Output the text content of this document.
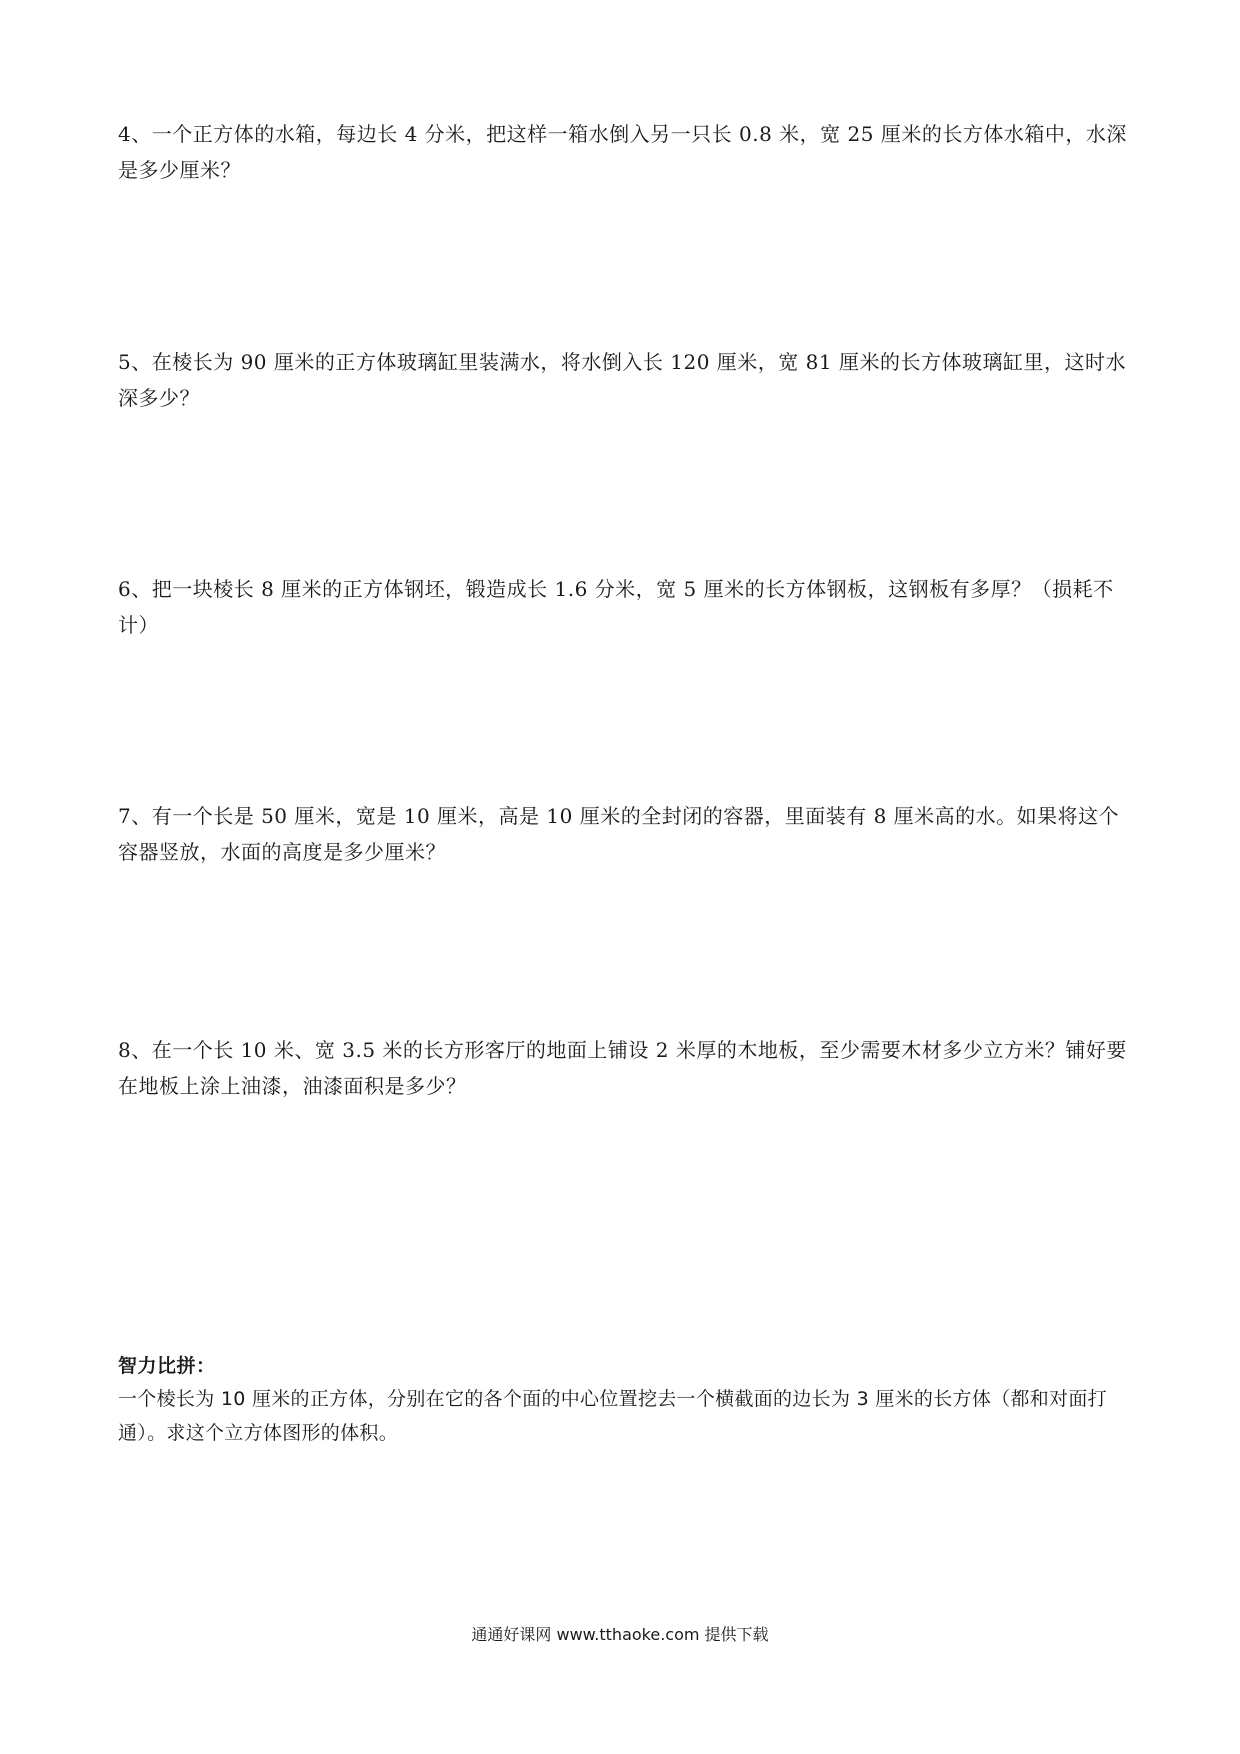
4、一个正方体的水箱，每边长 4 分米，把这样一箱水倒入另一只长 0.8 米，宽 25 厘米的长方体水箱中，水深是多少厘米？

5、在棱长为 90 厘米的正方体玻璃缸里装满水，将水倒入长 120 厘米，宽 81 厘米的长方体玻璃缸里，这时水深多少？

6、把一块棱长 8 厘米的正方体钢坯，锻造成长 1.6 分米，宽 5 厘米的长方体钢板，这钢板有多厚？（损耗不计）

7、有一个长是 50 厘米，宽是 10 厘米，高是 10 厘米的全封闭的容器，里面装有 8 厘米高的水。如果将这个容器竖放，水面的高度是多少厘米？

8、在一个长 10 米、宽 3.5 米的长方形客厅的地面上铺设 2 米厚的木地板，至少需要木材多少立方米？铺好要在地板上涂上油漆，油漆面积是多少？

智力比拼：

一个棱长为 10 厘米的正方体，分别在它的各个面的中心位置挖去一个横截面的边长为 3 厘米的长方体（都和对面打通）。求这个立方体图形的体积。

通通好课网 www.tthaoke.com 提供下载
